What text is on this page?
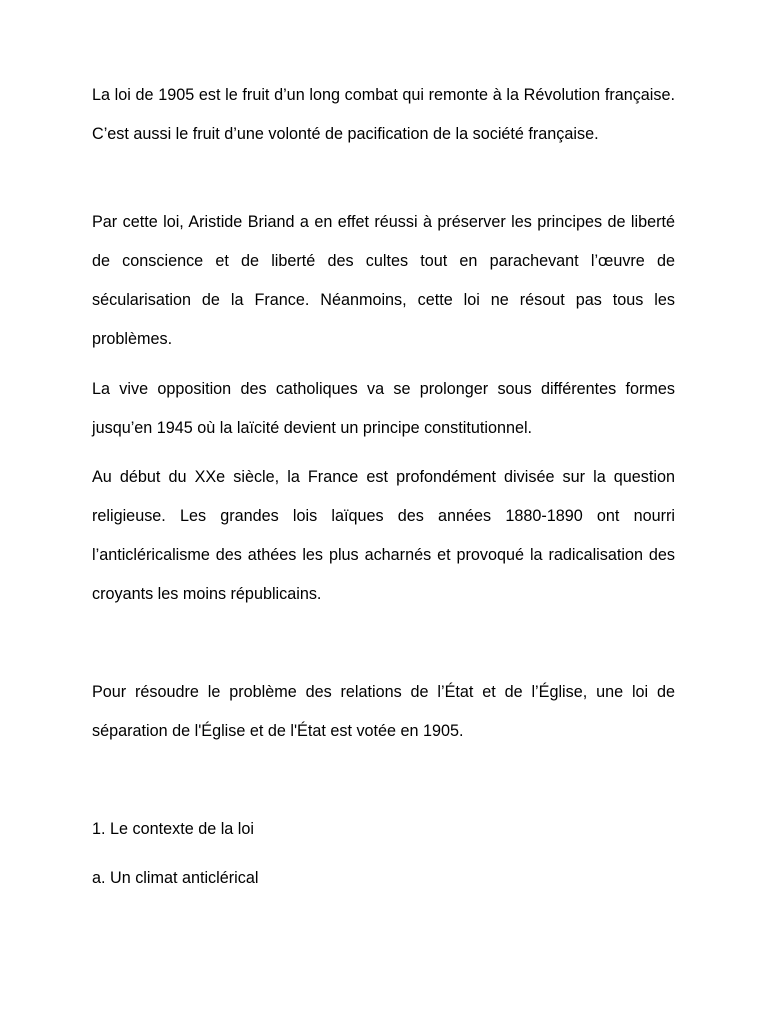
La loi de 1905 est le fruit d’un long combat qui remonte à la Révolution française. C’est aussi le fruit d’une volonté de pacification de la société française.

Par cette loi, Aristide Briand a en effet réussi à préserver les principes de liberté de conscience et de liberté des cultes tout en parachevant l’œuvre de sécularisation de la France. Néanmoins, cette loi ne résout pas tous les problèmes.

La vive opposition des catholiques va se prolonger sous différentes formes jusqu’en 1945 où la laïcité devient un principe constitutionnel.

Au début du XXe siècle, la France est profondément divisée sur la question religieuse. Les grandes lois laïques des années 1880-1890 ont nourri l’anticléricalisme des athées les plus acharnés et provoqué la radicalisation des croyants les moins républicains.

Pour résoudre le problème des relations de l’État et de l’Église, une loi de séparation de l'Église et de l'État est votée en 1905.

1. Le contexte de la loi

a. Un climat anticlérical
